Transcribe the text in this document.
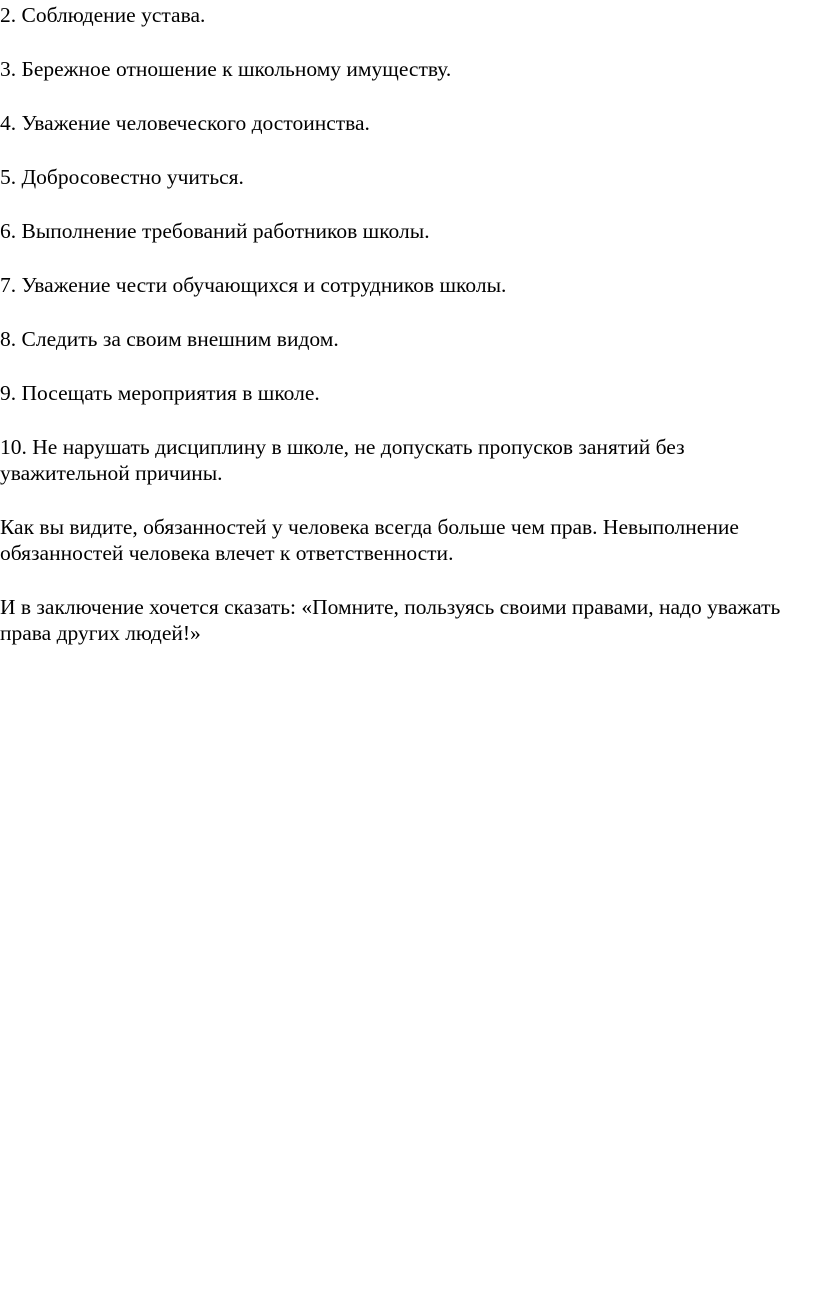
2. Соблюдение устава.

3. Бережное отношение к школьному имуществу.

4. Уважение человеческого достоинства.

5. Добросовестно учиться.

6. Выполнение требований работников школы.

7. Уважение чести обучающихся и сотрудников школы.

8. Следить за своим внешним видом.

9. Посещать мероприятия в школе.

10. Не нарушать дисциплину в школе, не допускать пропусков занятий без уважительной причины.

Как вы видите, обязанностей у человека всегда больше чем прав. Невыполнение обязанностей человека влечет к ответственности.

И в заключение хочется сказать: «Помните, пользуясь своими правами, надо уважать права других людей!»
